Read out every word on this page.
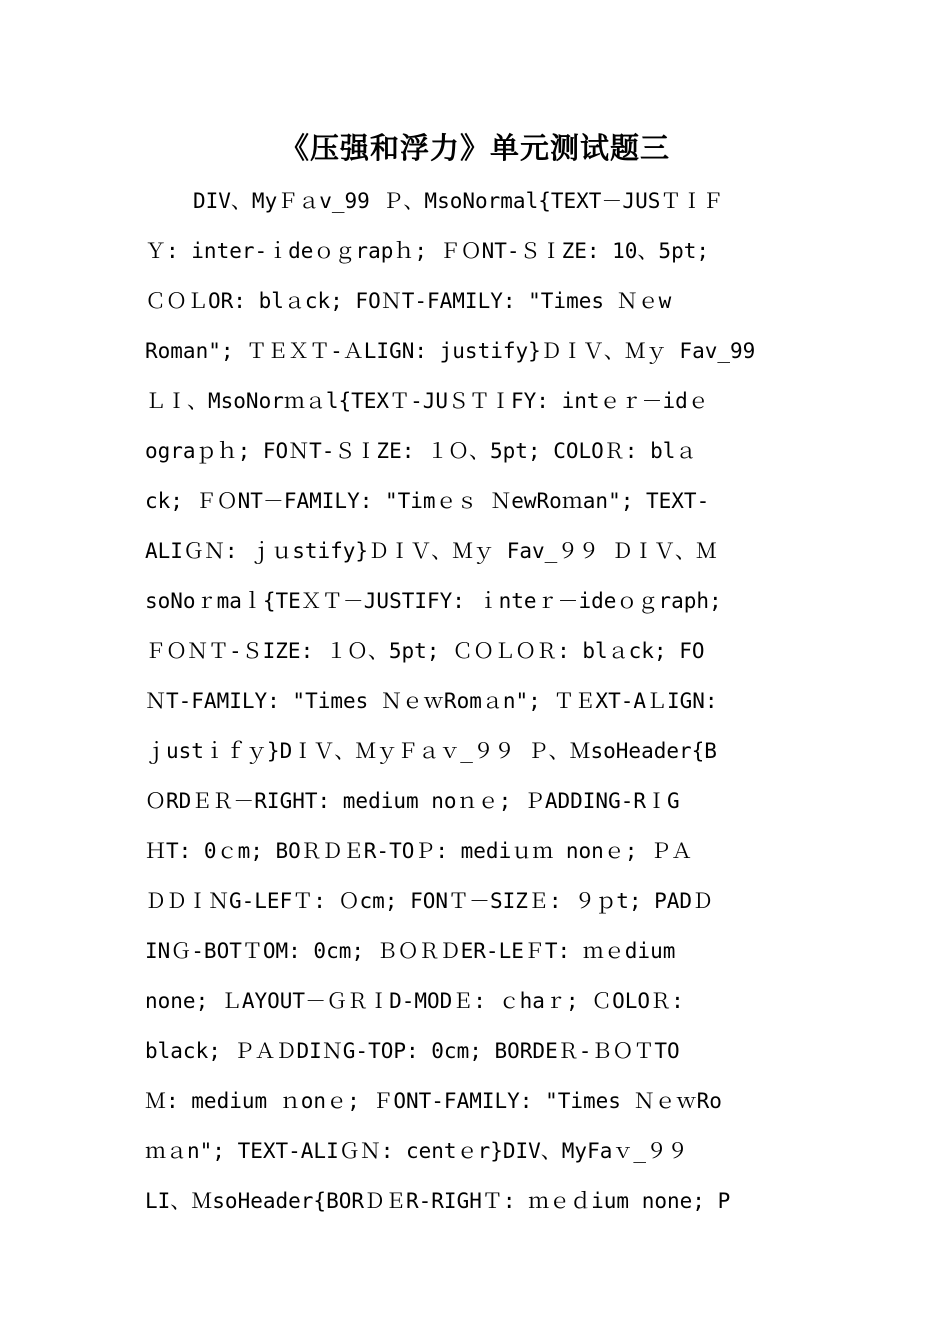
《压强和浮力》单元测试题三
DIV、MyＦａv_99 Ｐ、MsoNormal{TEXT－JUSＴＩＦ
Ｙ: inter-ｉdeｏｇrapｈ; ＦＯNT-ＳＩZE: 10、5pt;
ＣＯＬOR: blａck; FOＮT-FAMILY: "Times Ｎｅw
Roman"; ＴＥＸＴ-ＡLIGN: justify}ＤＩＶ、Ｍｙ Fav_99
ＬＩ、MsoNorｍａl{TEXＴ-JUＳＴＩFY: intｅｒ－idｅ
ograｐｈ; FOＮT-ＳＩZE: １Ｏ、5pt; COLOＲ: blａ
ck; ＦＯNT－FAMILY: "Timｅｓ ＮewRoｍan"; TEXT-
ALIＧＮ: ｊｕstify}ＤＩＶ、Ｍｙ Fav_９９ ＤＩＶ、Ｍ
soNoｒmaｌ{TEＸＴ－JUSTIFY: ｉnteｒ－ideｏｇraph;
ＦＯＮＴ-ＳIZE: １Ｏ、5pt; ＣＯＬＯＲ: blａck; FO
ＮT-FAMILY: "Times ＮｅｗRomａn"; ＴＥXT-AＬIGN:
ｊustｉｆｙ}DＩＶ、ＭｙＦａｖ_９９ Ｐ、ＭsoHeader{B
ＯRDＥＲ－RIGHT: medium noｎｅ; ＰADDING-RＩG
ＨT: 0ｃm; BOＲＤＥR-TOＰ: mediｕｍ nonｅ; ＰＡ
ＤＤＩＮG-LEFＴ: Ｏcm; FONＴ－SIZＥ: ９ｐt; PADＤ
INＧ-BOTＴOM: 0cm; ＢＯＲＤER-LEＦT: ｍｅdium
none; ＬAYOUT－ＧＲＩD-MODＥ: ｃhaｒ; ＣOLOＲ:
black; ＰＡＤDIＮG-TOP: 0cm; BORDEＲ-ＢＯＴTO
Ｍ: medium ｎonｅ; ＦONT-FAMILY: "Times ＮｅｗRo
ｍａn"; TEXT-ALIＧＮ: centｅr}DIV、MyFaｖ_９９
LI、ＭsoHeader{BORＤＥR-RIGHＴ: ｍｅｄium none; P
